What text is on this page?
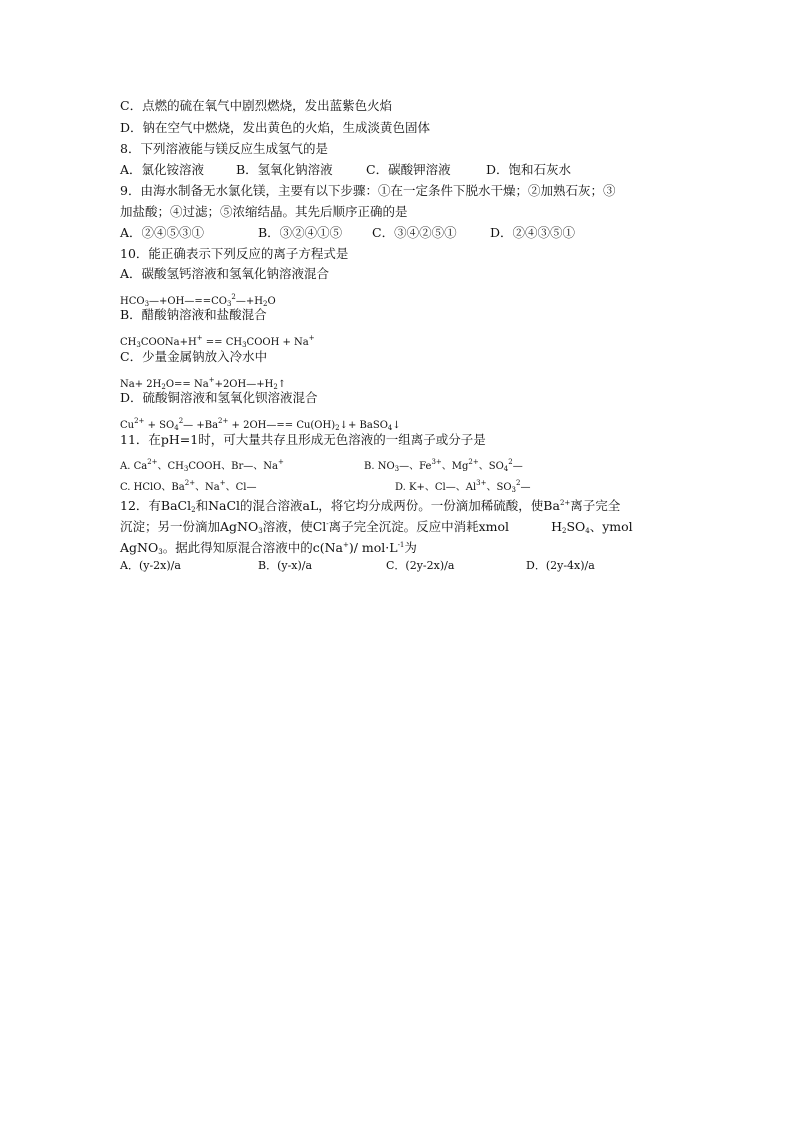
C．点燃的硫在氧气中剧烈燃烧，发出蓝紫色火焰
D．钠在空气中燃烧，发出黄色的火焰，生成淡黄色固体
8．下列溶液能与镁反应生成氢气的是
A．氯化铵溶液	B．氢氧化钠溶液	C．碳酸钾溶液	D．饱和石灰水
9．由海水制备无水氯化镁，主要有以下步骤：①在一定条件下脱水干燥；②加熟石灰；③
加盐酸；④过滤；⑤浓缩结晶。其先后顺序正确的是
A．②④⑤③①	B．③②④①⑤ C．③④②⑤①	D．②④③⑤①
10．能正确表示下列反应的离子方程式是
A．碳酸氢钙溶液和氢氧化钠溶液混合
$HCO_3—+OH—==CO_3^2—+H_2O$
B．醋酸钠溶液和盐酸混合
$CH_3COONa+H^+$ == $CH_3COOH + Na^+$
C．少量金属钠放入冷水中
$Na+ 2H_2O==$ $Na^++2OH—+H_2↑$
D．硫酸铜溶液和氢氧化钡溶液混合
$Cu^{2+}$ + $SO_4^2— +Ba^{2+}$ + 2OH—== $Cu(OH)_2↓+$ BaSO$_4$↓
11．在pH=1时，可大量共存且形成无色溶液的一组离子或分子是
A. $Ca^{2+}$、$CH_3COOH$、Br—、Na+	B. $NO_3—$、$Fe^{3+}$、$Mg^{2+}$、$SO_4^2—$
C. HClO、$Ba^{2+}$、Na+、Cl—	D. K+、Cl—、$Al^{3+}$、$SO_3^2—$
12．有BaCl$_2$和NaCl的混合溶液aL，将它均分成两份。一份滴加稀硫酸，使$Ba^{2+}$离子完全
沉淀；另一份滴加AgNO$_3$溶液，使Cl-离子完全沉淀。反应中消耗xmol	$H_2SO_4$、ymol
AgNO$_3$。据此得知原混合溶液中的c(Na+)/ $mol\cdot L^{-1}$为
A．(y-2x)/a	B．(y-x)/a	C．(2y-2x)/a	D．(2y-4x)/a
